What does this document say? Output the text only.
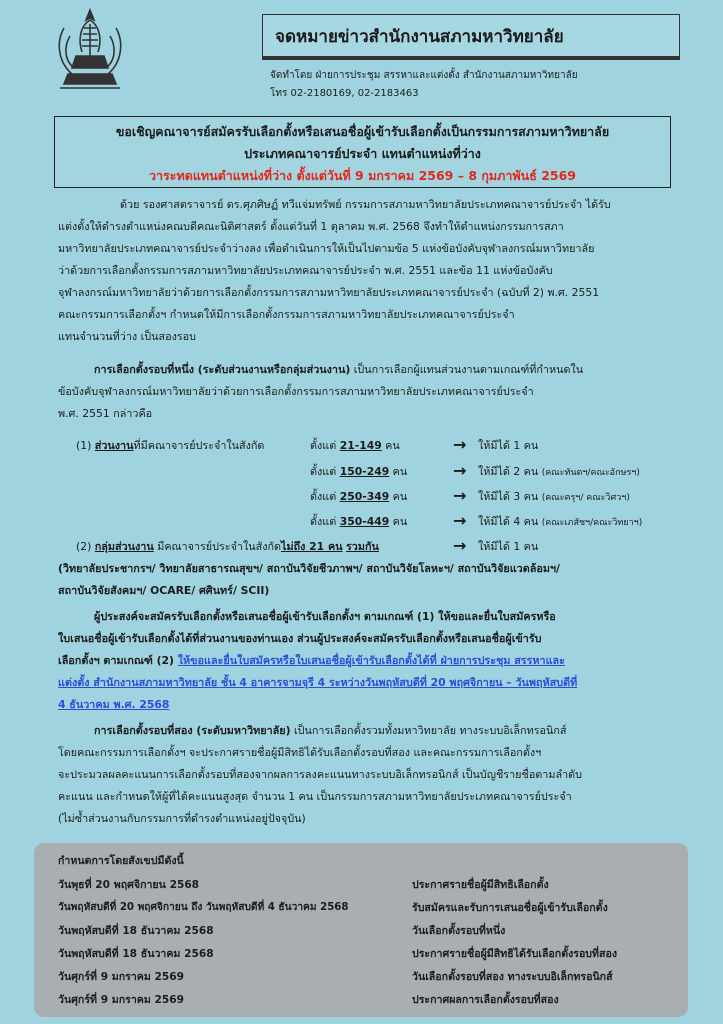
จดหมายข่าวสำนักงานสภามหาวิทยาลัย
จัดทำโดย ฝ่ายการประชุม สรรหาและแต่งตั้ง สำนักงานสภามหาวิทยาลัย
โทร 02-2180169, 02-2183463
ขอเชิญคณาจารย์สมัครรับเลือกตั้งหรือเสนอชื่อผู้เข้ารับเลือกตั้งเป็นกรรมการสภามหาวิทยาลัย
ประเภทคณาจารย์ประจำ แทนตำแหน่งที่ว่าง
วาระทดแทนตำแหน่งที่ว่าง ตั้งแต่วันที่ 9 มกราคม 2569 – 8 กุมภาพันธ์ 2569
ด้วย รองศาสตราจารย์ ดร.ศุภศิษฏ์ ทวีแจ่มทรัพย์ กรรมการสภามหาวิทยาลัยประเภทคณาจารย์ประจำ ได้รับ
แต่งตั้งให้ดำรงตำแหน่งคณบดีคณะนิติศาสตร์ ตั้งแต่วันที่ 1 ตุลาคม พ.ศ. 2568 จึงทำให้ตำแหน่งกรรมการสภา
มหาวิทยาลัยประเภทคณาจารย์ประจำว่างลง เพื่อดำเนินการให้เป็นไปตามข้อ 5 แห่งข้อบังคับจุฬาลงกรณ์มหาวิทยาลัย
ว่าด้วยการเลือกตั้งกรรมการสภามหาวิทยาลัยประเภทคณาจารย์ประจำ พ.ศ. 2551 และข้อ 11 แห่งข้อบังคับ
จุฬาลงกรณ์มหาวิทยาลัยว่าด้วยการเลือกตั้งกรรมการสภามหาวิทยาลัยประเภทคณาจารย์ประจำ (ฉบับที่ 2) พ.ศ. 2551
คณะกรรมการเลือกตั้งฯ กำหนดให้มีการเลือกตั้งกรรมการสภามหาวิทยาลัยประเภทคณาจารย์ประจำ
แทนจำนวนที่ว่าง เป็นสองรอบ
การเลือกตั้งรอบที่หนึ่ง (ระดับส่วนงานหรือกลุ่มส่วนงาน) เป็นการเลือกผู้แทนส่วนงานตามเกณฑ์ที่กำหนดใน
ข้อบังคับจุฬาลงกรณ์มหาวิทยาลัยว่าด้วยการเลือกตั้งกรรมการสภามหาวิทยาลัยประเภทคณาจารย์ประจำ
พ.ศ. 2551 กล่าวคือ
(1) ส่วนงานที่มีคณาจารย์ประจำในสังกัด	ตั้งแต่ 21-149 คน	→ ให้มีได้ 1 คน
ตั้งแต่ 150-249 คน	→ ให้มีได้ 2 คน (คณะทันตฯ/คณะอักษรฯ)
ตั้งแต่ 250-349 คน	→ ให้มีได้ 3 คน (คณะครุฯ/ คณะวิศวฯ)
ตั้งแต่ 350-449 คน	→ ให้มีได้ 4 คน (คณะเภสัชฯ/คณะวิทยาฯ)
(2) กลุ่มส่วนงาน มีคณาจารย์ประจำในสังกัดไม่ถึง 21 คน รวมกัน	→ ให้มีได้ 1 คน
(วิทยาลัยประชากรฯ/ วิทยาลัยสาธารณสุขฯ/ สถาบันวิจัยชีวภาพฯ/ สถาบันวิจัยโลหะฯ/ สถาบันวิจัยแวดล้อมฯ/
สถาบันวิจัยสังคมฯ/ OCARE/ ศศินทร์/ SCII)
ผู้ประสงค์จะสมัครรับเลือกตั้งหรือเสนอชื่อผู้เข้ารับเลือกตั้งฯ ตามเกณฑ์ (1) ให้ขอและยื่นใบสมัครหรือ
ใบเสนอชื่อผู้เข้ารับเลือกตั้งได้ที่ส่วนงานของท่านเอง ส่วนผู้ประสงค์จะสมัครรับเลือกตั้งหรือเสนอชื่อผู้เข้ารับ
เลือกตั้งฯ ตามเกณฑ์ (2) ให้ขอและยื่นใบสมัครหรือใบเสนอชื่อผู้เข้ารับเลือกตั้งได้ที่ ฝ่ายการประชุม สรรหาและ
แต่งตั้ง สำนักงานสภามหาวิทยาลัย ชั้น 4 อาคารจามจุรี 4 ระหว่างวันพฤหัสบดีที่ 20 พฤศจิกายน – วันพฤหัสบดีที่
4 ธันวาคม พ.ศ. 2568
การเลือกตั้งรอบที่สอง (ระดับมหาวิทยาลัย) เป็นการเลือกตั้งรวมทั้งมหาวิทยาลัย ทางระบบอิเล็กทรอนิกส์
โดยคณะกรรมการเลือกตั้งฯ จะประกาศรายชื่อผู้มีสิทธิได้รับเลือกตั้งรอบที่สอง และคณะกรรมการเลือกตั้งฯ
จะประมวลผลคะแนนการเลือกตั้งรอบที่สองจากผลการลงคะแนนทางระบบอิเล็กทรอนิกส์ เป็นบัญชีรายชื่อตามลำดับ
คะแนน และกำหนดให้ผู้ที่ได้คะแนนสูงสุด จำนวน 1 คน เป็นกรรมการสภามหาวิทยาลัยประเภทคณาจารย์ประจำ
(ไม่ซ้ำส่วนงานกับกรรมการที่ดำรงตำแหน่งอยู่ปัจจุบัน)
กำหนดการโดยสังเขปมีดังนี้
วันพุธที่ 20 พฤศจิกายน 2568	ประกาศรายชื่อผู้มีสิทธิเลือกตั้ง
วันพฤหัสบดีที่ 20 พฤศจิกายน ถึง วันพฤหัสบดีที่ 4 ธันวาคม 2568	รับสมัครและรับการเสนอชื่อผู้เข้ารับเลือกตั้ง
วันพฤหัสบดีที่ 18 ธันวาคม 2568	วันเลือกตั้งรอบที่หนึ่ง
วันพฤหัสบดีที่ 18 ธันวาคม 2568	ประกาศรายชื่อผู้มีสิทธิได้รับเลือกตั้งรอบที่สอง
วันศุกร์ที่ 9 มกราคม 2569	วันเลือกตั้งรอบที่สอง ทางระบบอิเล็กทรอนิกส์
วันศุกร์ที่ 9 มกราคม 2569	ประกาศผลการเลือกตั้งรอบที่สอง
